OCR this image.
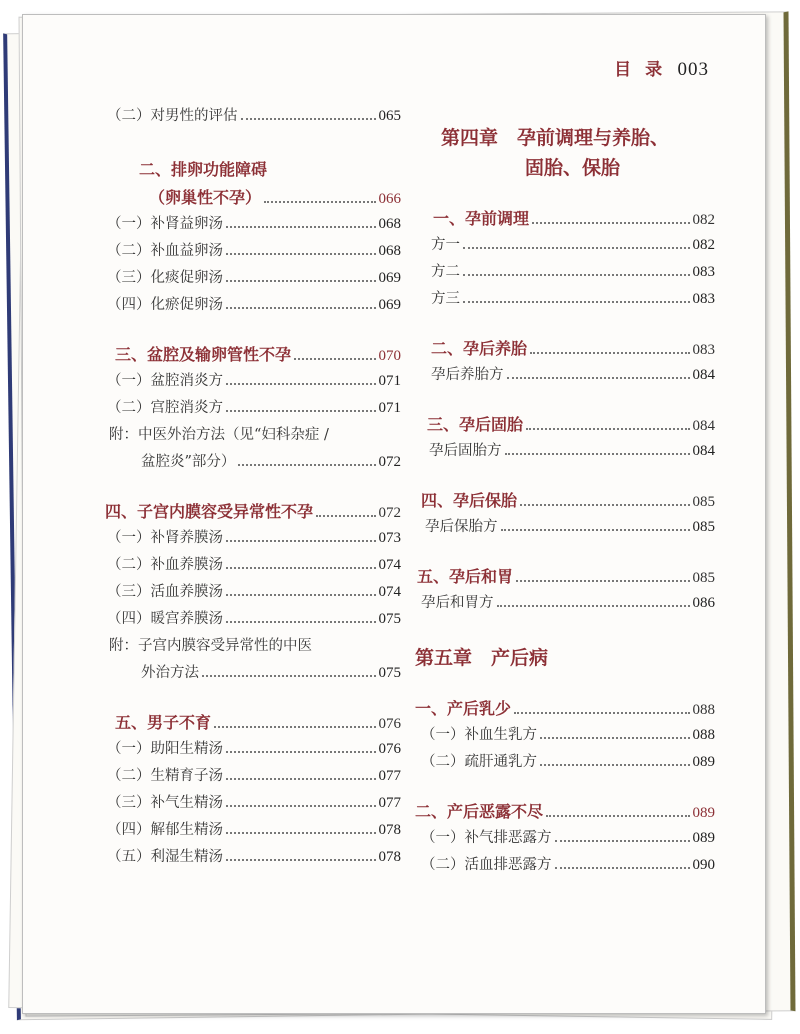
目 录 003
（二）对男性的评估	065
二、排卵功能障碍
（卵巢性不孕）	066
（一）补肾益卵汤	068
（二）补血益卵汤	068
（三）化痰促卵汤	069
（四）化瘀促卵汤	069
三、盆腔及输卵管性不孕	070
（一）盆腔消炎方	071
（二）宫腔消炎方	071
附：中医外治方法（见“妇科杂症 /
盆腔炎”部分）	072
四、子宫内膜容受异常性不孕	072
（一）补肾养膜汤	073
（二）补血养膜汤	074
（三）活血养膜汤	074
（四）暖宫养膜汤	075
附：子宫内膜容受异常性的中医
外治方法	075
五、男子不育	076
（一）助阳生精汤	076
（二）生精育子汤	077
（三）补气生精汤	077
（四）解郁生精汤	078
（五）利湿生精汤	078
第四章　孕前调理与养胎、
固胎、保胎
一、孕前调理	082
方一	082
方二	083
方三	083
二、孕后养胎	083
孕后养胎方	084
三、孕后固胎	084
孕后固胎方	084
四、孕后保胎	085
孕后保胎方	085
五、孕后和胃	085
孕后和胃方	086
第五章　产后病
一、产后乳少	088
（一）补血生乳方	088
（二）疏肝通乳方	089
二、产后恶露不尽	089
（一）补气排恶露方	089
（二）活血排恶露方	090
